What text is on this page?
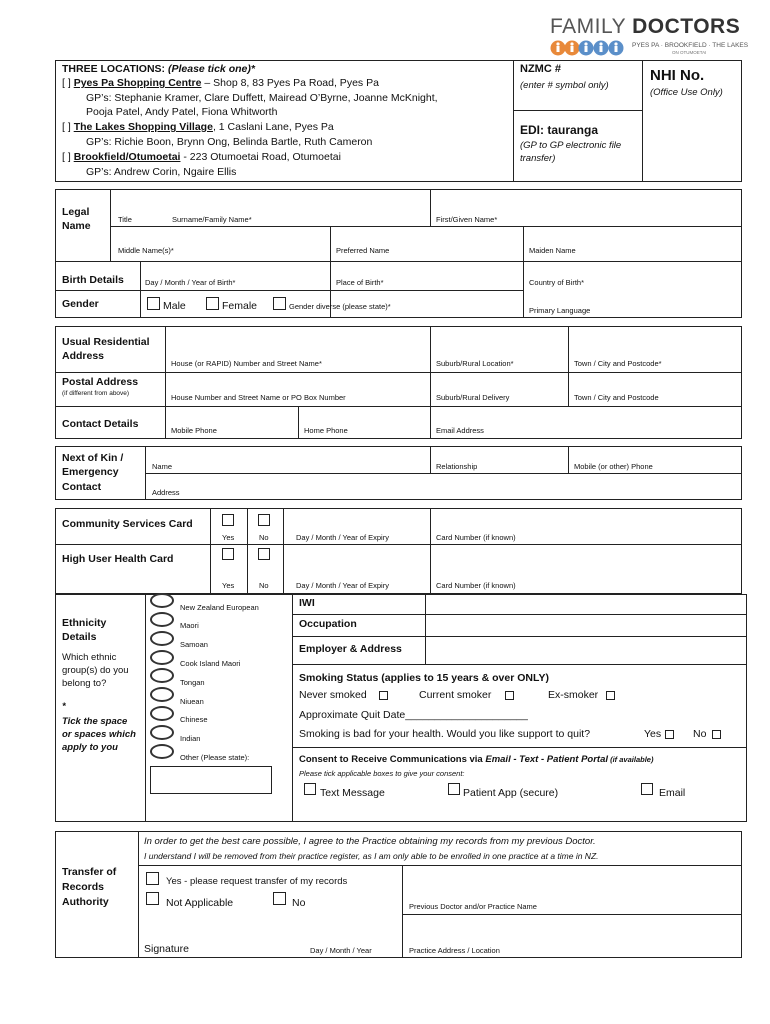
FAMILY DOCTORS
PYES PA · BROOKFIELD · THE LAKES
ON OTUMOETAI
THREE LOCATIONS: (Please tick one)*
[ ] Pyes Pa Shopping Centre – Shop 8, 83 Pyes Pa Road, Pyes Pa
GP’s: Stephanie Kramer, Clare Duffett, Mairead O’Byrne, Joanne McKnight,
Pooja Patel, Andy Patel, Fiona Whitworth
[ ] The Lakes Shopping Village, 1 Caslani Lane, Pyes Pa
GP’s: Richie Boon, Brynn Ong, Belinda Bartle, Ruth Cameron
[ ] Brookfield/Otumoetai - 223 Otumoetai Road, Otumoetai
GP’s: Andrew Corin, Ngaire Ellis
NZMC #
(enter # symbol only)
EDI: tauranga
(GP to GP electronic file
transfer)
NHI No.
(Office Use Only)
Legal
Name
Title	Surname/Family Name*	First/Given Name*
Middle Name(s)*	Preferred Name	Maiden Name
Birth Details	Day / Month / Year of Birth*	Place of Birth*	Country of Birth*
Gender	Male	Female	Gender diverse (please state)*	Primary Language
Usual Residential
Address
House (or RAPID) Number and Street Name*	Suburb/Rural Location*	Town / City and Postcode*
Postal Address
(if different from above)	House Number and Street Name or PO Box Number	Suburb/Rural Delivery	Town / City and Postcode
Contact Details
Mobile Phone	Home Phone	Email Address
Next of Kin /
Emergency
Contact
Name	Relationship	Mobile (or other) Phone
Address
Community Services Card
Yes	No	Day / Month / Year of Expiry	Card Number (if known)
High User Health Card
Yes	No	Day / Month / Year of Expiry	Card Number (if known)
Ethnicity
Details
Which ethnic
group(s) do you
belong to?
*
Tick the space
or spaces which
apply to you
New Zealand European
Maori
Samoan
Cook Island Maori
Tongan
Niuean
Chinese
Indian
Other (Please state):
IWI
Occupation
Employer & Address
Smoking Status (applies to 15 years & over ONLY)
Never smoked	Current smoker	Ex-smoker
Approximate Quit Date_____________________
Smoking is bad for your health. Would you like support to quit?	Yes	No
Consent to Receive Communications via Email - Text - Patient Portal (if available)
Please tick applicable boxes to give your consent:
Text Message	Patient App (secure)	Email
In order to get the best care possible, I agree to the Practice obtaining my records from my previous Doctor.
I understand I will be removed from their practice register, as I am only able to be enrolled in one practice at a time in NZ.
Transfer of
Records
Authority
Yes - please request transfer of my records
Not Applicable	No	Previous Doctor and/or Practice Name
Signature	Day / Month / Year	Practice Address / Location
